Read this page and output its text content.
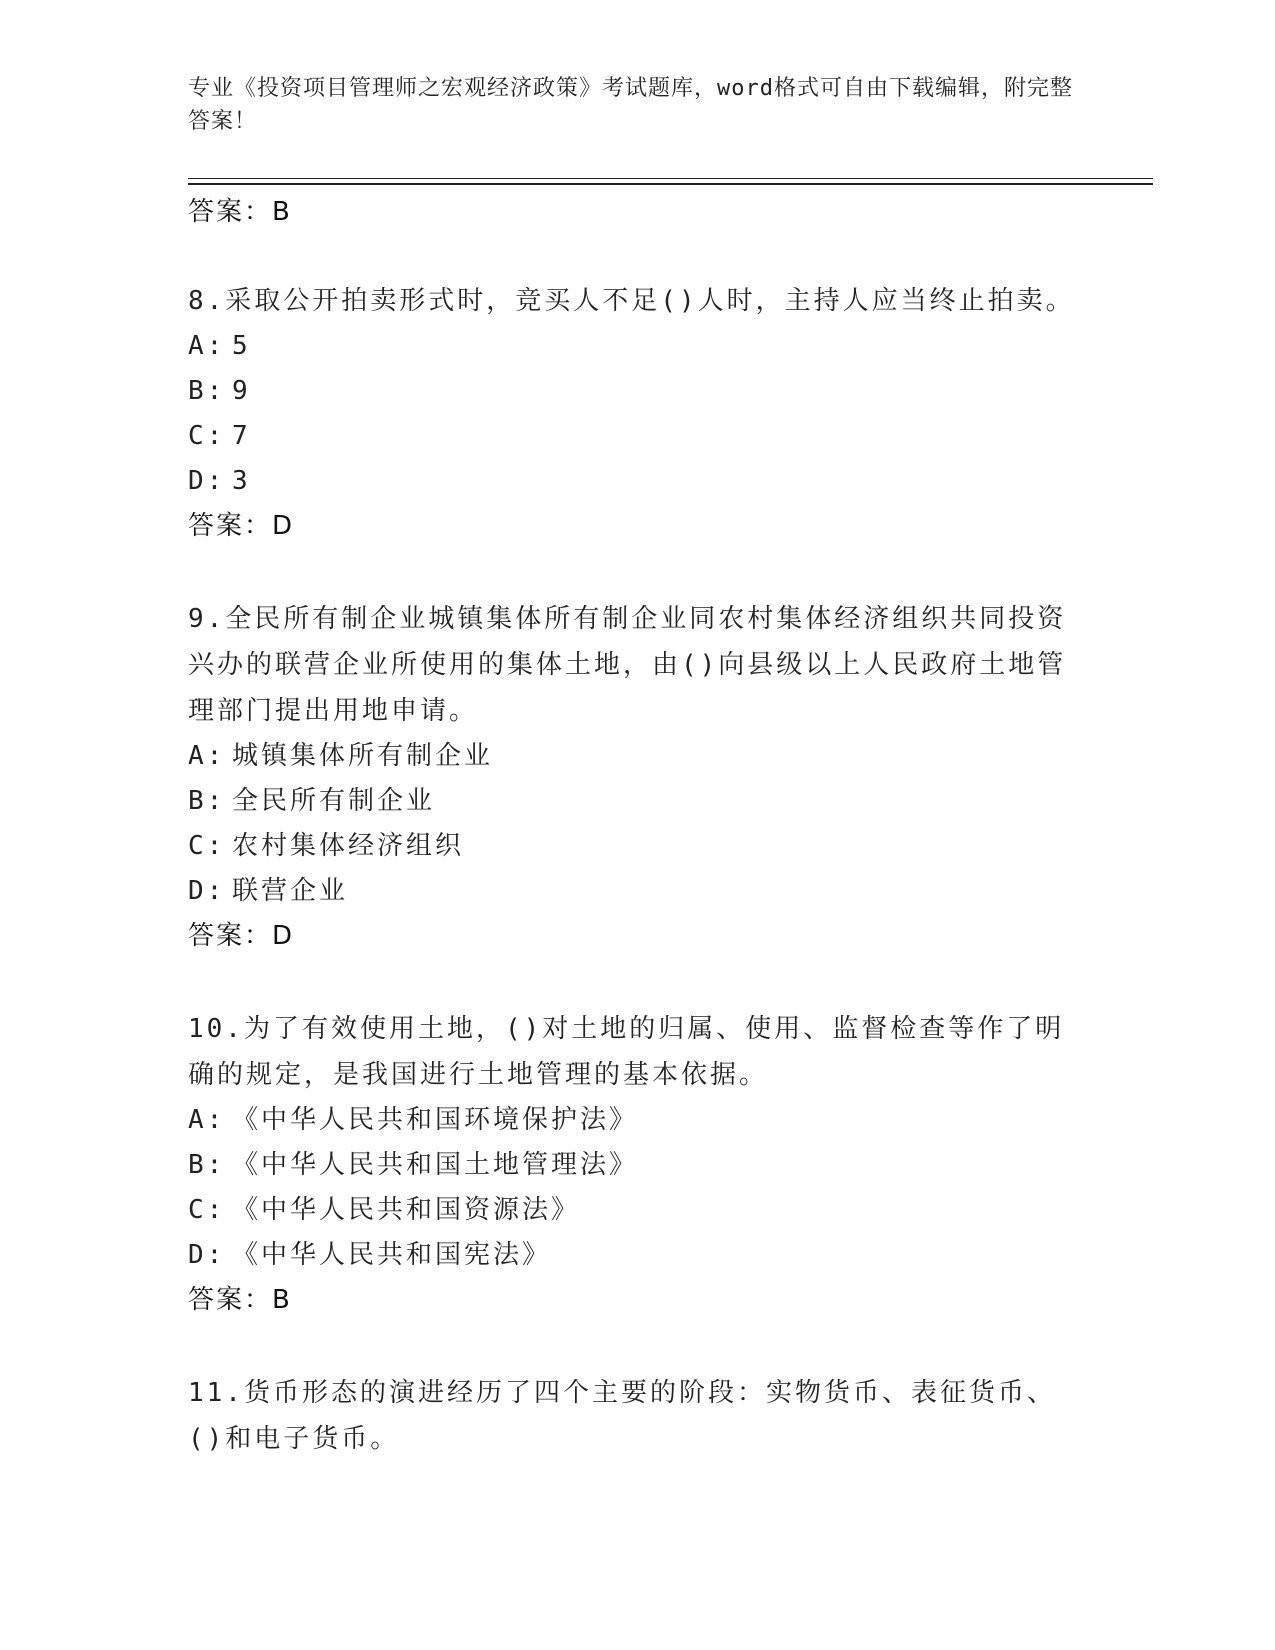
专业《投资项目管理师之宏观经济政策》考试题库，word格式可自由下载编辑，附完整答案！
答案：B
8.采取公开拍卖形式时，竞买人不足()人时，主持人应当终止拍卖。
A: 5
B: 9
C: 7
D: 3
答案：D
9.全民所有制企业城镇集体所有制企业同农村集体经济组织共同投资兴办的联营企业所使用的集体土地，由()向县级以上人民政府土地管理部门提出用地申请。
A: 城镇集体所有制企业
B: 全民所有制企业
C: 农村集体经济组织
D: 联营企业
答案：D
10.为了有效使用土地，()对土地的归属、使用、监督检查等作了明确的规定，是我国进行土地管理的基本依据。
A: 《中华人民共和国环境保护法》
B: 《中华人民共和国土地管理法》
C: 《中华人民共和国资源法》
D: 《中华人民共和国宪法》
答案：B
11.货币形态的演进经历了四个主要的阶段：实物货币、表征货币、()和电子货币。
